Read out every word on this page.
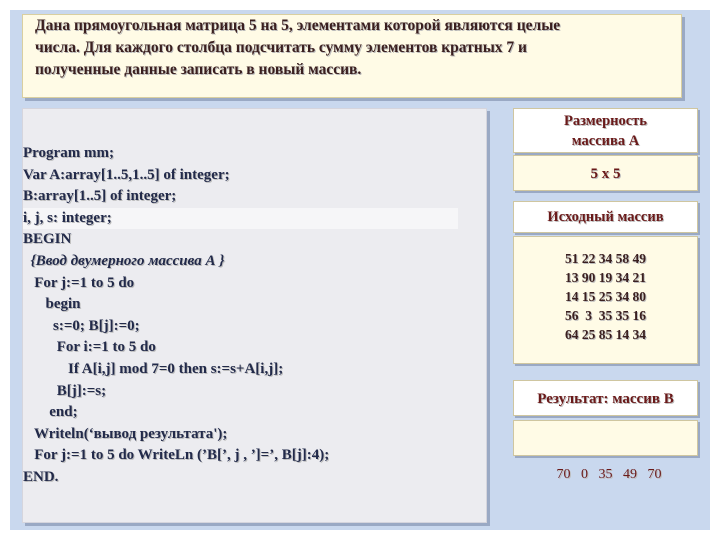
Дана прямоугольная матрица 5 на 5, элементами которой являются целые
числа. Для каждого столбца подсчитать сумму элементов кратных 7 и
полученные данные записать в новый массив.
Program mm;
Var A:array[1..5,1..5] of integer;
B:array[1..5] of integer;
i, j, s: integer;
BEGIN
{Ввод двумерного массива А }
For j:=1 to 5 do
begin
s:=0; B[j]:=0;
For i:=1 to 5 do
If A[i,j] mod 7=0 then s:=s+A[i,j];
B[j]:=s;
end;
Writeln(‘вывод результата');
For j:=1 to 5 do WriteLn (’B[’, j , ’]=’, B[j]:4);
END.
Размерность
массива А
5 x 5
Исходный массив
51 22 34 58 49
13 90 19 34 21
14 15 25 34 80
56  3  35 35 16
64 25 85 14 34
Результат: массив В

70   0   35   49   70
